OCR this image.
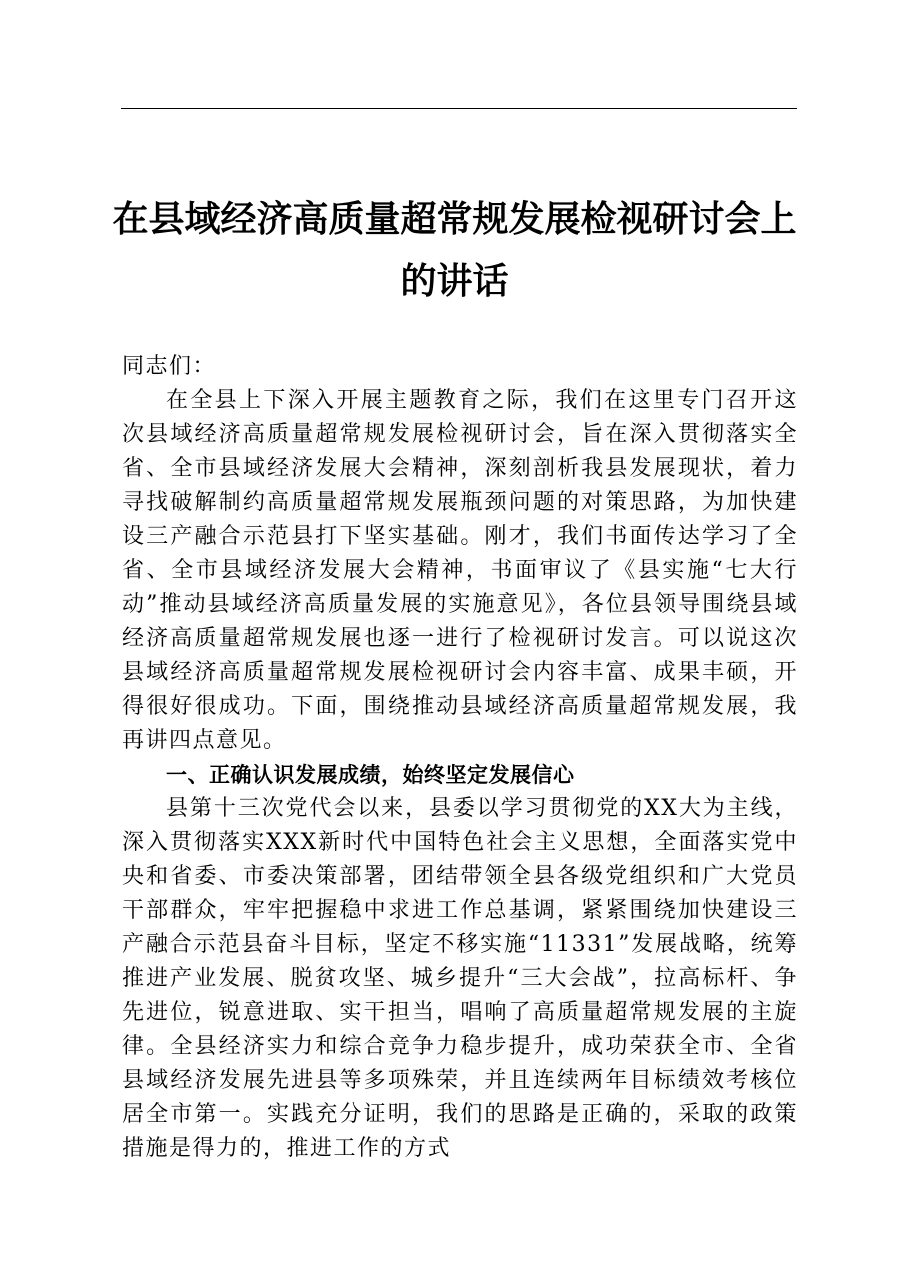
在县域经济高质量超常规发展检视研讨会上的讲话

同志们：

在全县上下深入开展主题教育之际，我们在这里专门召开这次县域经济高质量超常规发展检视研讨会，旨在深入贯彻落实全省、全市县域经济发展大会精神，深刻剖析我县发展现状，着力寻找破解制约高质量超常规发展瓶颈问题的对策思路，为加快建设三产融合示范县打下坚实基础。刚才，我们书面传达学习了全省、全市县域经济发展大会精神，书面审议了《县实施“七大行动”推动县域经济高质量发展的实施意见》，各位县领导围绕县域经济高质量超常规发展也逐一进行了检视研讨发言。可以说这次县域经济高质量超常规发展检视研讨会内容丰富、成果丰硕，开得很好很成功。下面，围绕推动县域经济高质量超常规发展，我再讲四点意见。

一、正确认识发展成绩，始终坚定发展信心

县第十三次党代会以来，县委以学习贯彻党的XX大为主线，深入贯彻落实XXX新时代中国特色社会主义思想，全面落实党中央和省委、市委决策部署，团结带领全县各级党组织和广大党员干部群众，牢牢把握稳中求进工作总基调，紧紧围绕加快建设三产融合示范县奋斗目标，坚定不移实施“11331”发展战略，统筹推进产业发展、脱贫攻坚、城乡提升“三大会战”，拉高标杆、争先进位，锐意进取、实干担当，唱响了高质量超常规发展的主旋律。全县经济实力和综合竞争力稳步提升，成功荣获全市、全省县域经济发展先进县等多项殊荣，并且连续两年目标绩效考核位居全市第一。实践充分证明，我们的思路是正确的，采取的政策措施是得力的，推进工作的方式
